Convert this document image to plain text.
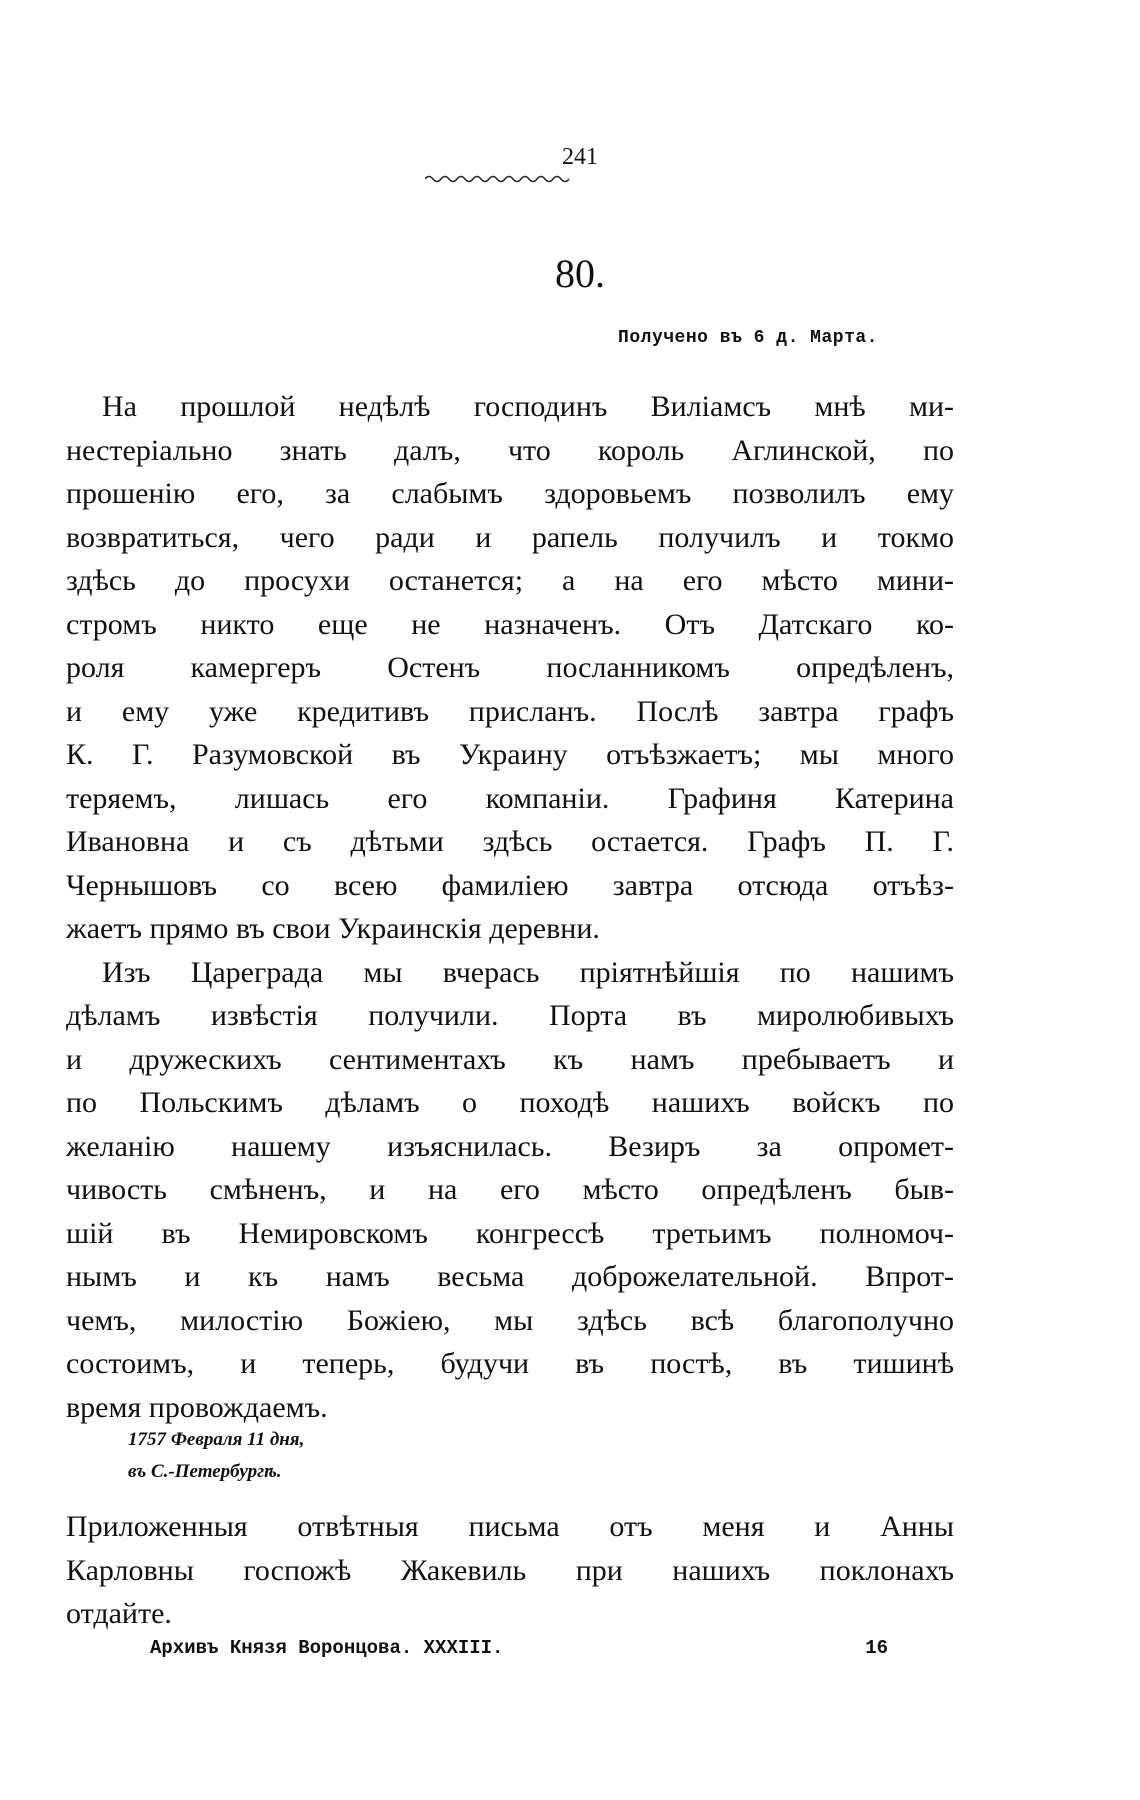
241
80.
Получено въ 6 д. Марта.
На прошлой недѣлѣ господинъ Виліамсъ мнѣ ми-
нестеріально знать далъ, что король Аглинской, по
прошенію его, за слабымъ здоровьемъ позволилъ ему
возвратиться, чего ради и рапель получилъ и токмо
здѣсь до просухи останется; а на его мѣсто мини-
стромъ никто еще не назначенъ. Отъ Датскаго ко-
роля камергеръ Остенъ посланникомъ опредѣленъ,
и ему уже кредитивъ присланъ. Послѣ завтра графъ
К. Г. Разумовской въ Украину отъѣзжаетъ; мы много
теряемъ, лишась его компаніи. Графиня Катерина
Ивановна и съ дѣтьми здѣсь остается. Графъ П. Г.
Чернышовъ со всею фамиліею завтра отсюда отъѣз-
жаетъ прямо въ свои Украинскія деревни.
Изъ Цареграда мы вчерась пріятнѣйшія по нашимъ
дѣламъ извѣстія получили. Порта въ миролюбивыхъ
и дружескихъ сентиментахъ къ намъ пребываетъ и
по Польскимъ дѣламъ о походѣ нашихъ войскъ по
желанію нашему изъяснилась. Везиръ за опромет-
чивость смѣненъ, и на его мѣсто опредѣленъ быв-
шій въ Немировскомъ конгрессѣ третьимъ полномоч-
нымъ и къ намъ весьма доброжелательной. Впрот-
чемъ, милостію Божіею, мы здѣсь всѣ благополучно
состоимъ, и теперь, будучи въ постѣ, въ тишинѣ
время провождаемъ.
1757 Февраля 11 дня,
въ С.-Петербургѣ.
Приложенныя отвѣтныя письма отъ меня и Анны
Карловны госпожѣ Жакевиль при нашихъ поклонахъ
отдайте.
Архивъ Князя Воронцова. XXXIII.	16
